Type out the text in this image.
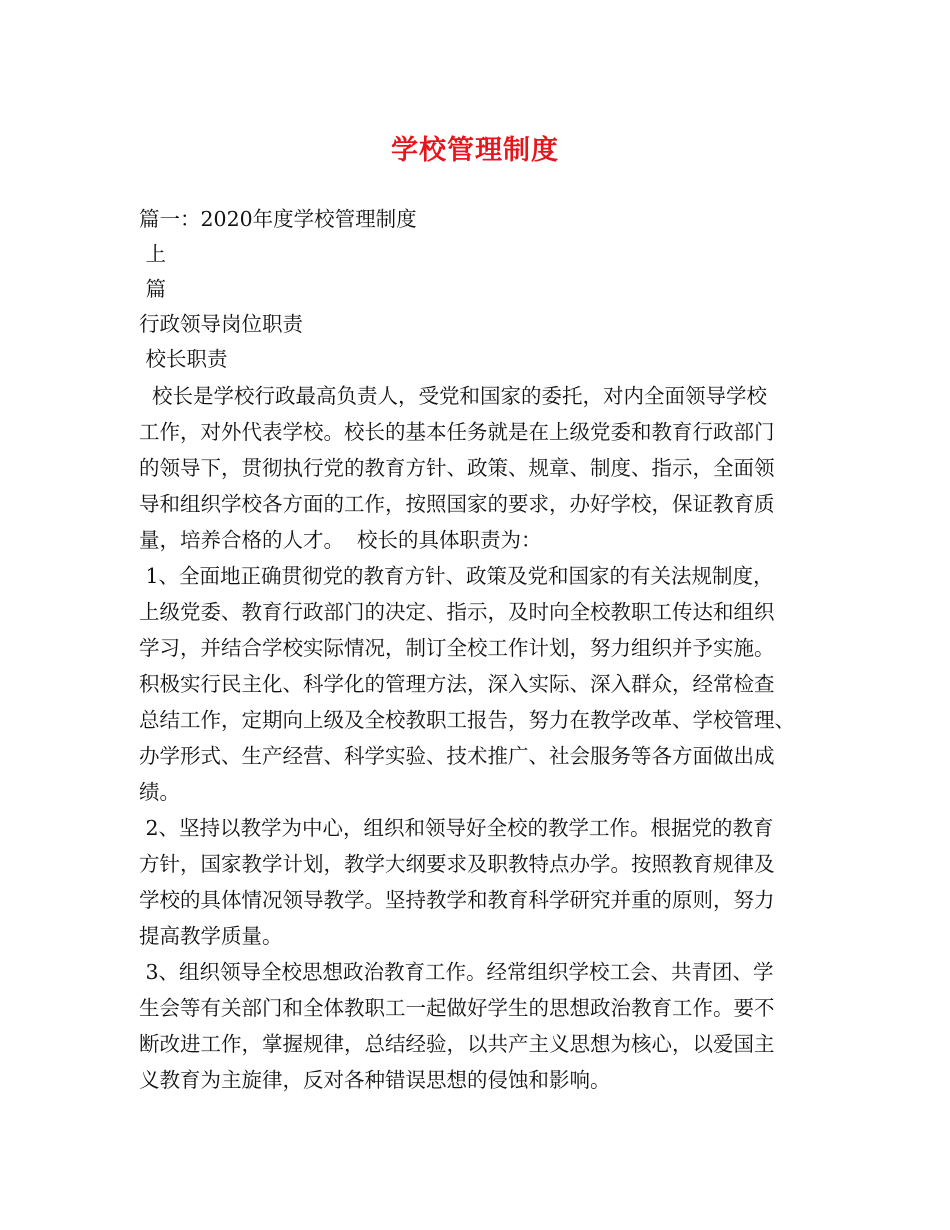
学校管理制度
篇一：2020年度学校管理制度
上
篇
行政领导岗位职责
校长职责
校长是学校行政最高负责人，受党和国家的委托，对内全面领导学校
工作，对外代表学校。校长的基本任务就是在上级党委和教育行政部门
的领导下，贯彻执行党的教育方针、政策、规章、制度、指示，全面领
导和组织学校各方面的工作，按照国家的要求，办好学校，保证教育质
量，培养合格的人才。  校长的具体职责为：
1、全面地正确贯彻党的教育方针、政策及党和国家的有关法规制度，
上级党委、教育行政部门的决定、指示，及时向全校教职工传达和组织
学习，并结合学校实际情况，制订全校工作计划，努力组织并予实施。
积极实行民主化、科学化的管理方法，深入实际、深入群众，经常检查
总结工作，定期向上级及全校教职工报告，努力在教学改革、学校管理、
办学形式、生产经营、科学实验、技术推广、社会服务等各方面做出成
绩。
2、坚持以教学为中心，组织和领导好全校的教学工作。根据党的教育
方针，国家教学计划，教学大纲要求及职教特点办学。按照教育规律及
学校的具体情况领导教学。坚持教学和教育科学研究并重的原则，努力
提高教学质量。
3、组织领导全校思想政治教育工作。经常组织学校工会、共青团、学
生会等有关部门和全体教职工一起做好学生的思想政治教育工作。要不
断改进工作，掌握规律，总结经验，以共产主义思想为核心，以爱国主
义教育为主旋律，反对各种错误思想的侵蚀和影响。
